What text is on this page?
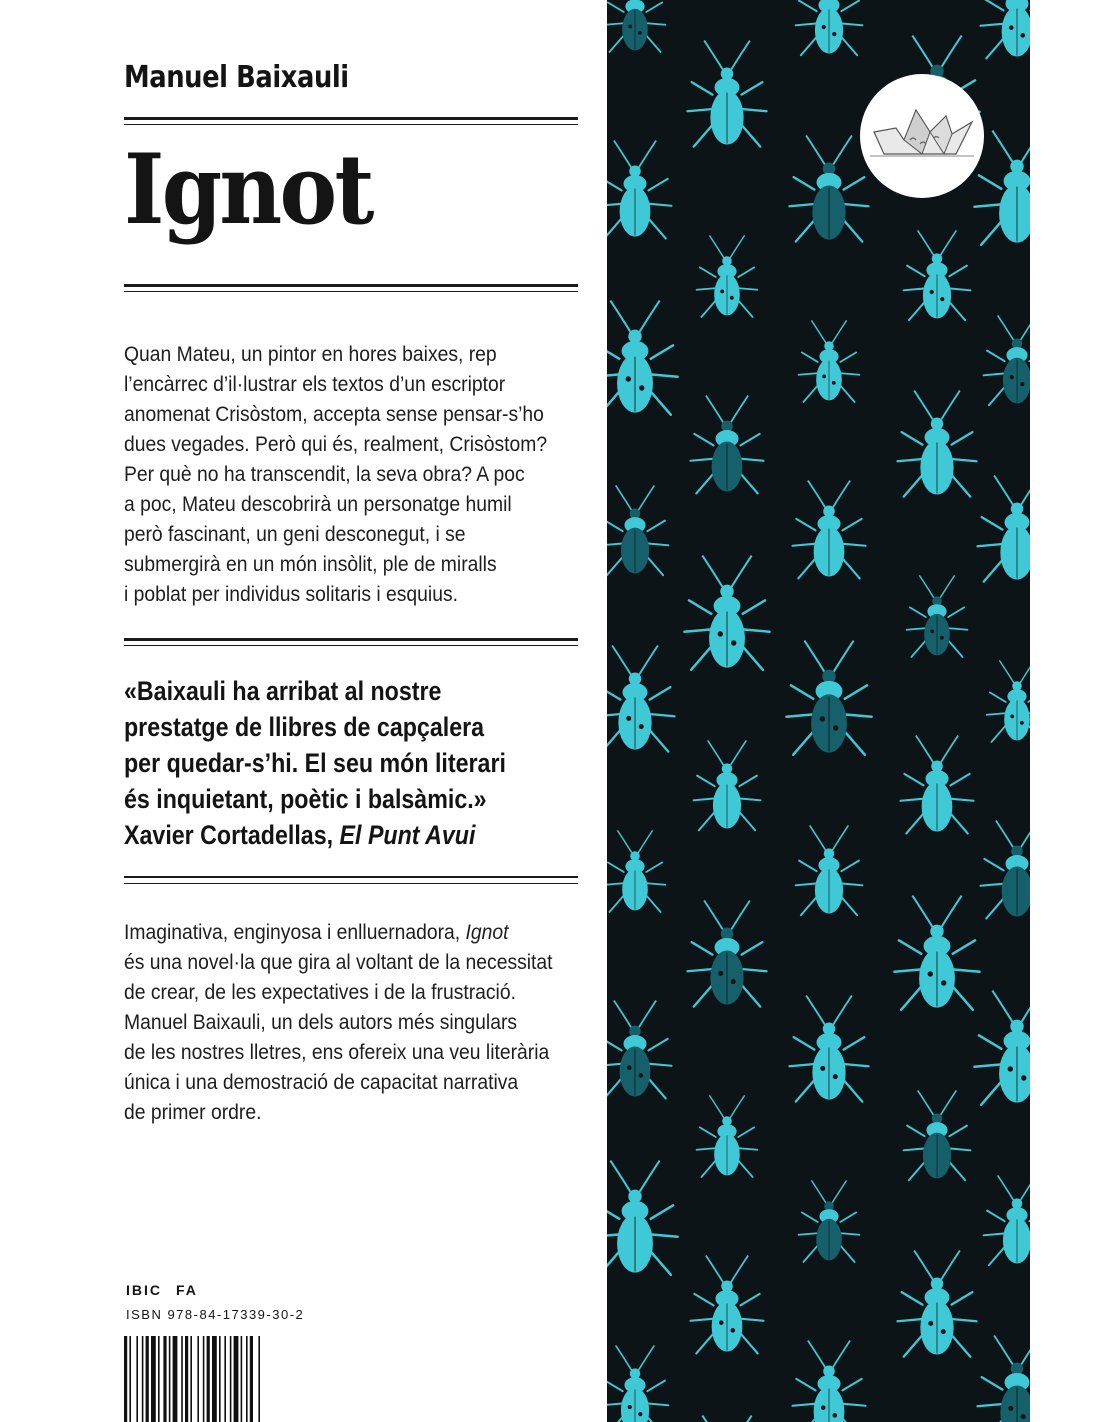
Manuel Baixauli
Ignot

Quan Mateu, un pintor en hores baixes, rep
l’encàrrec d’il·lustrar els textos d’un escriptor
anomenat Crisòstom, accepta sense pensar-s’ho
dues vegades. Però qui és, realment, Crisòstom?
Per què no ha transcendit, la seva obra? A poc
a poc, Mateu descobrirà un personatge humil
però fascinant, un geni desconegut, i se
submergirà en un món insòlit, ple de miralls
i poblat per individus solitaris i esquius.

«Baixauli ha arribat al nostre
prestatge de llibres de capçalera
per quedar-s’hi. El seu món literari
és inquietant, poètic i balsàmic.»
Xavier Cortadellas, El Punt Avui

Imaginativa, enginyosa i enlluernadora, Ignot
és una novel·la que gira al voltant de la necessitat
de crear, de les expectatives i de la frustració.
Manuel Baixauli, un dels autors més singulars
de les nostres lletres, ens ofereix una veu literària
única i una demostració de capacitat narrativa
de primer ordre.

IBIC FA

ISBN 978-84-17339-30-2
